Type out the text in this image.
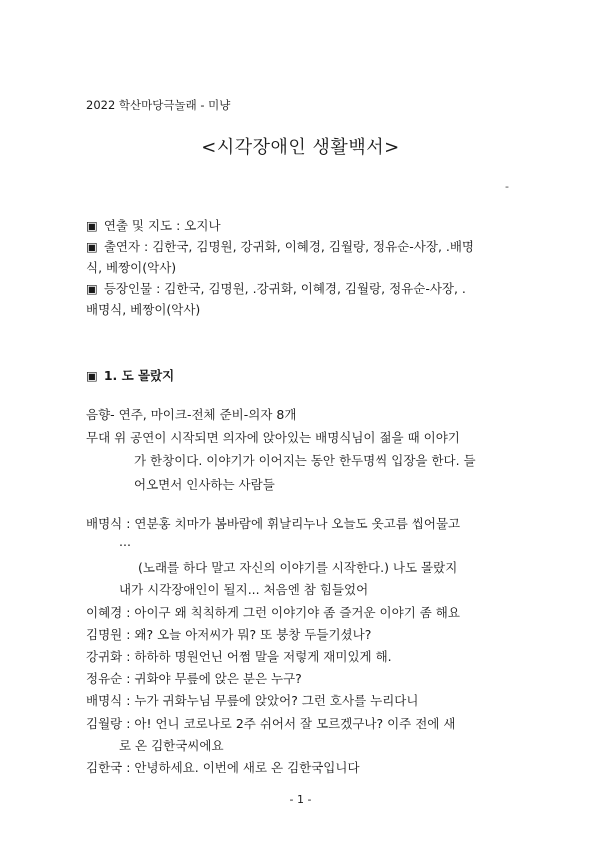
2022 학산마당극놀래 - 미냥
<시각장애인 생활백서>
-

▣ 연출 및 지도 : 오지나

▣ 출연자 : 김한국, 김명원, 강귀화, 이혜경, 김월랑, 정유순-사장, .배명

식, 베짱이(악사)

▣ 등장인물 : 김한국, 김명원, .강귀화, 이혜경, 김월랑, 정유순-사장, .

배명식, 베짱이(악사)

▣ 1. 도 몰랐지

음향- 연주, 마이크-전체 준비-의자 8개

무대 위 공연이 시작되면 의자에 앉아있는 배명식님이 젊을 때 이야기

가 한창이다. 이야기가 이어지는 동안 한두명씩 입장을 한다. 들

어오면서 인사하는 사람들

배명식 : 연분홍 치마가 봄바람에 휘날리누나 오늘도 옷고름 씹어물고

...

(노래를 하다 말고 자신의 이야기를 시작한다.) 나도 몰랐지

내가 시각장애인이 될지... 처음엔 참 힘들었어

이혜경 : 아이구 왜 칙칙하게 그런 이야기야 좀 즐거운 이야기 좀 해요

김명원 : 왜? 오늘 아저씨가 뭐? 또 붕창 두들기셨나?

강귀화 : 하하하 명원언닌 어쩜 말을 저렇게 재미있게 해.

정유순 : 귀화야 무릎에 앉은 분은 누구?

배명식 : 누가 귀화누님 무릎에 앉았어? 그런 호사를 누리다니

김월랑 : 아! 언니 코로나로 2주 쉬어서 잘 모르겠구나? 이주 전에 새

로 온 김한국씨에요

김한국 : 안녕하세요. 이번에 새로 온 김한국입니다

- 1 -
